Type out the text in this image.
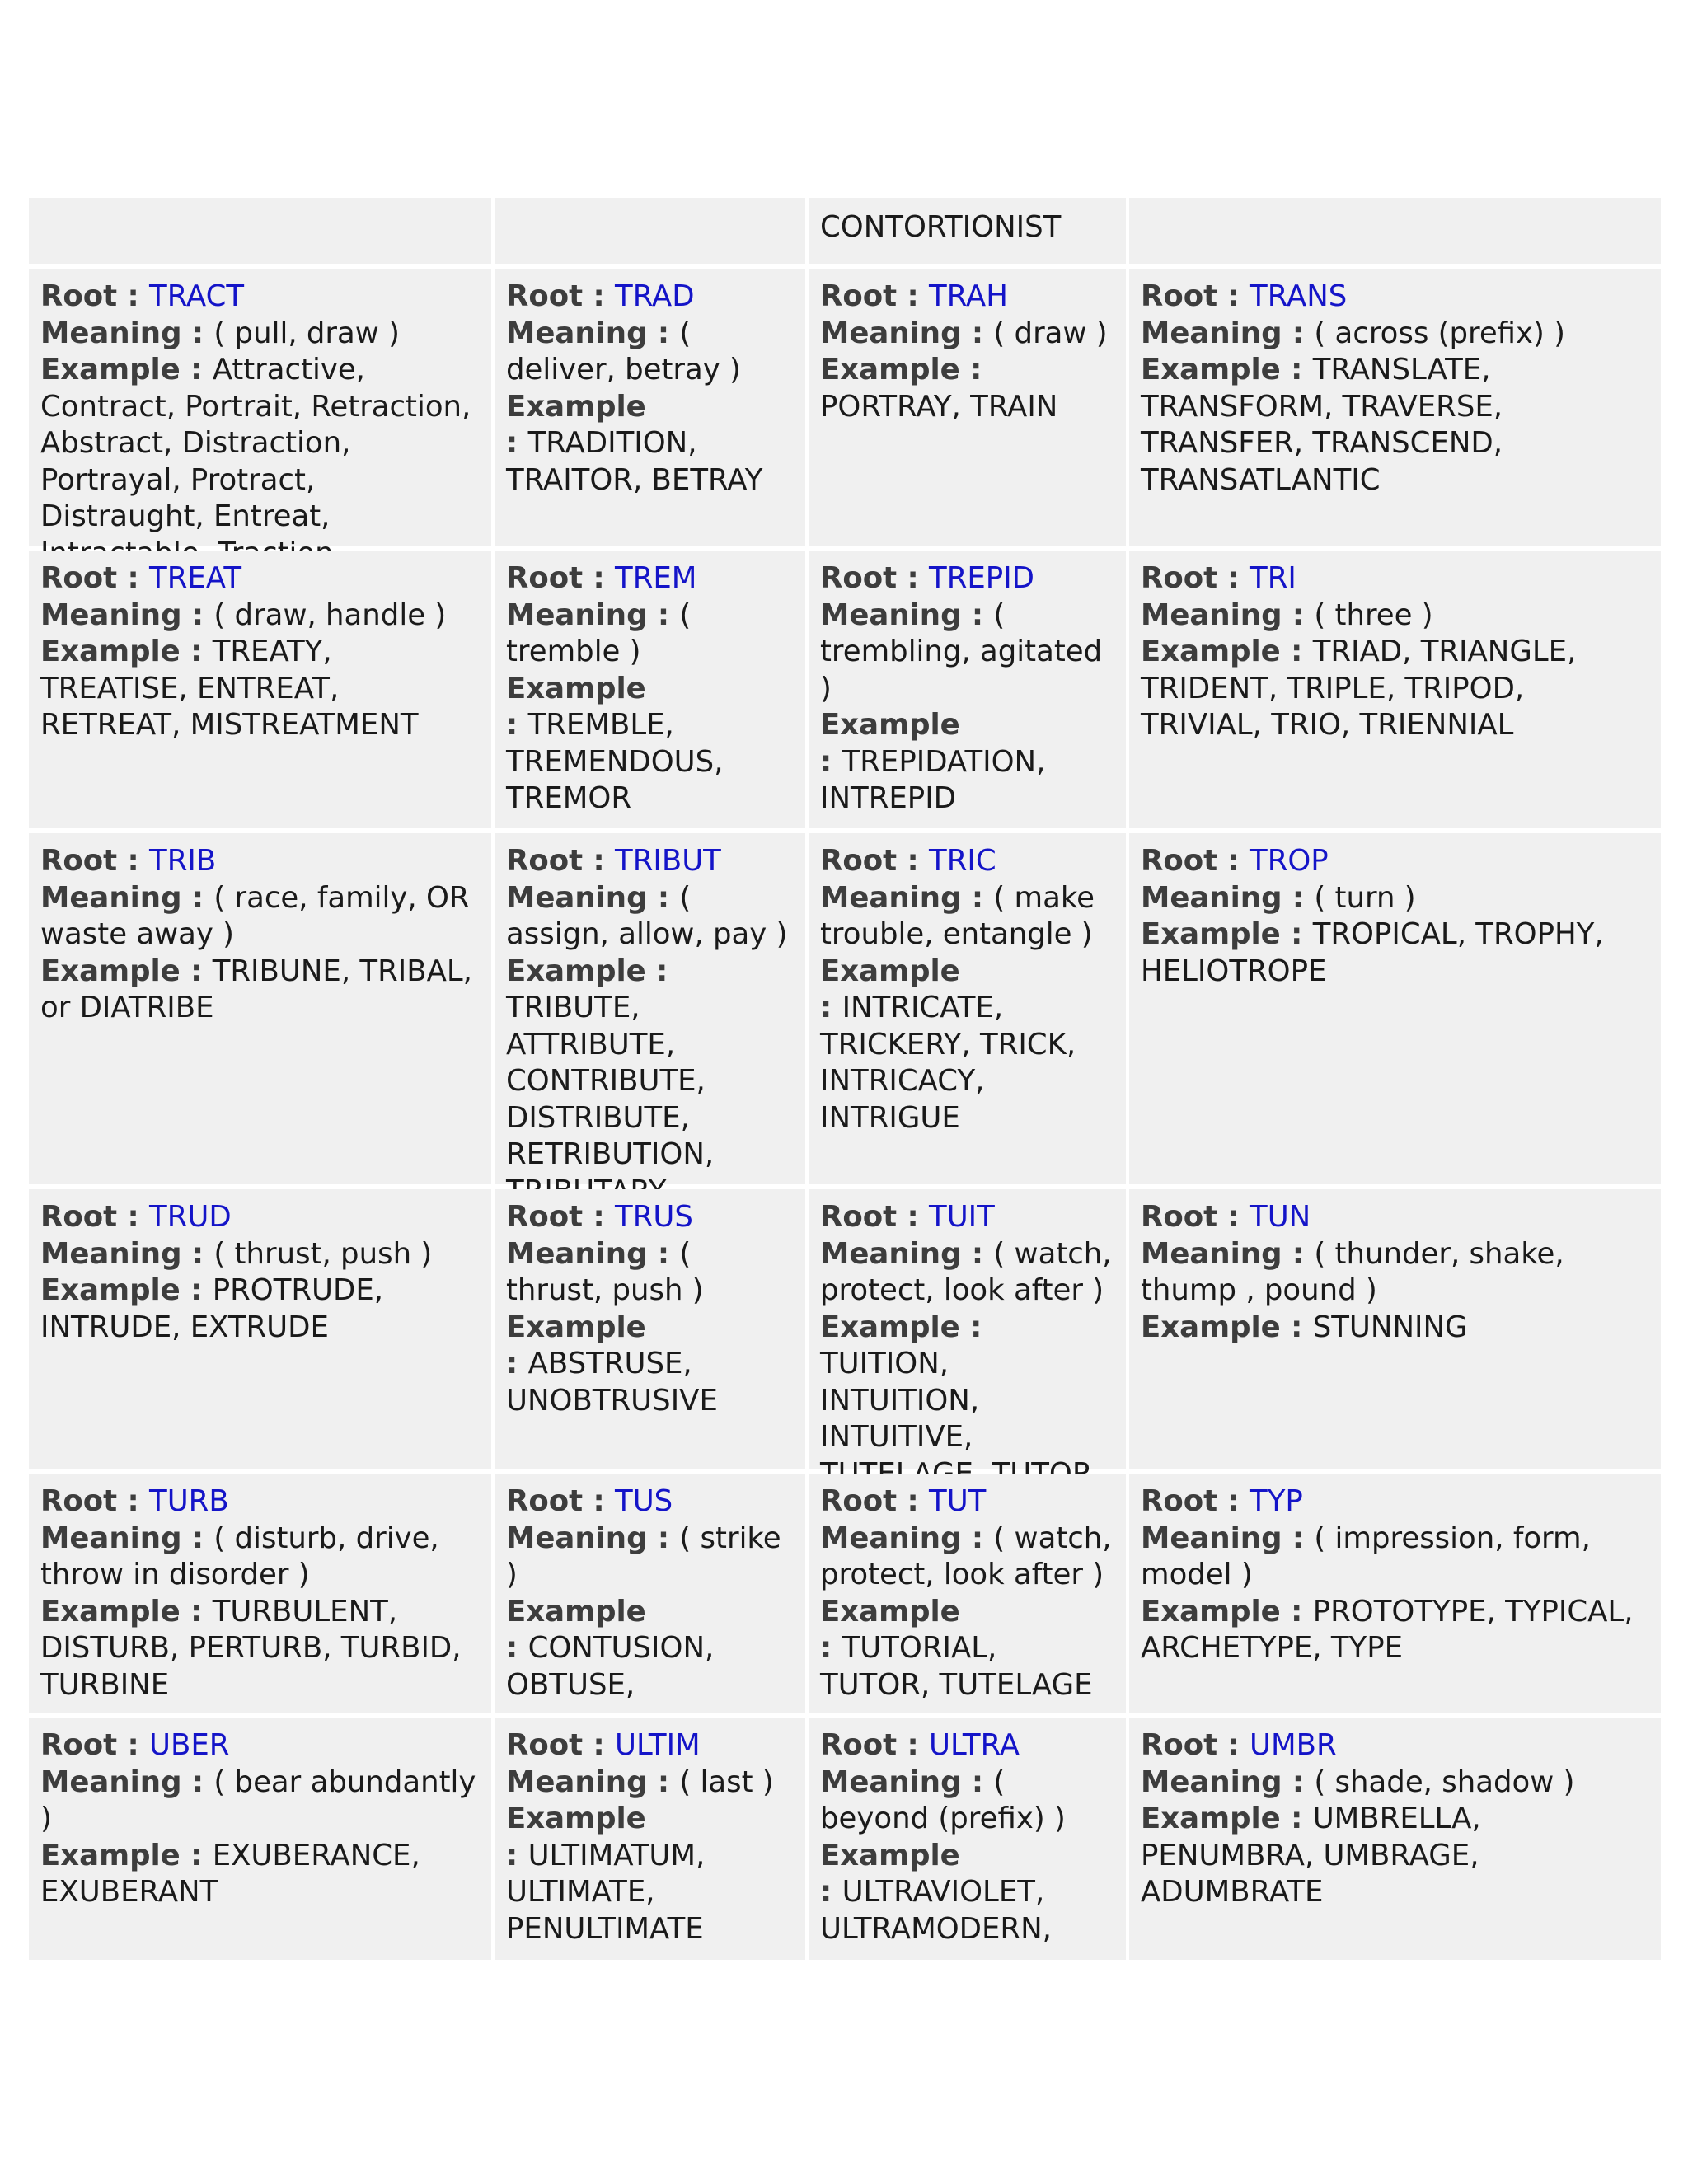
CONTORTIONIST
Root : TRACT
Meaning : ( pull, draw )
Example : Attractive, Contract, Portrait, Retraction, Abstract, Distraction, Portrayal, Protract, Distraught, Entreat,
Root : TRAD
Meaning : ( deliver, betray )
Example
: TRADITION, TRAITOR, BETRAY
Root : TRAH
Meaning : ( draw )
Example : PORTRAY, TRAIN
Root : TRANS
Meaning : ( across (prefix) )
Example : TRANSLATE, TRANSFORM, TRAVERSE, TRANSFER, TRANSCEND, TRANSATLANTIC
Root : TREAT
Meaning : ( draw, handle )
Example : TREATY, TREATISE, ENTREAT, RETREAT, MISTREATMENT
Root : TREM
Meaning : ( tremble )
Example
: TREMBLE, TREMENDOUS, TREMOR
Root : TREPID
Meaning : ( trembling, agitated )
Example
: TREPIDATION, INTREPID
Root : TRI
Meaning : ( three )
Example : TRIAD, TRIANGLE, TRIDENT, TRIPLE, TRIPOD, TRIVIAL, TRIO, TRIENNIAL
Root : TRIB
Meaning : ( race, family, OR waste away )
Example : TRIBUNE, TRIBAL, or DIATRIBE
Root : TRIBUT
Meaning : ( assign, allow, pay )
Example : TRIBUTE, ATTRIBUTE, CONTRIBUTE, DISTRIBUTE, RETRIBUTION,
Root : TRIC
Meaning : ( make trouble, entangle )
Example
: INTRICATE, TRICKERY, TRICK, INTRICACY, INTRIGUE
Root : TROP
Meaning : ( turn )
Example : TROPICAL, TROPHY, HELIOTROPE
Root : TRUD
Meaning : ( thrust, push )
Example : PROTRUDE, INTRUDE, EXTRUDE
Root : TRUS
Meaning : ( thrust, push )
Example
: ABSTRUSE, UNOBTRUSIVE
Root : TUIT
Meaning : ( watch, protect, look after )
Example : TUITION, INTUITION, INTUITIVE,
Root : TUN
Meaning : ( thunder, shake, thump , pound )
Example : STUNNING
Root : TURB
Meaning : ( disturb, drive, throw in disorder )
Example : TURBULENT, DISTURB, PERTURB, TURBID, TURBINE
Root : TUS
Meaning : ( strike )
Example
: CONTUSION, OBTUSE,
Root : TUT
Meaning : ( watch, protect, look after )
Example
: TUTORIAL, TUTOR, TUTELAGE
Root : TYP
Meaning : ( impression, form, model )
Example : PROTOTYPE, TYPICAL, ARCHETYPE, TYPE
Root : UBER
Meaning : ( bear abundantly )
Example : EXUBERANCE, EXUBERANT
Root : ULTIM
Meaning : ( last )
Example
: ULTIMATUM, ULTIMATE, PENULTIMATE
Root : ULTRA
Meaning : ( beyond (prefix) )
Example
: ULTRAVIOLET, ULTRAMODERN,
Root : UMBR
Meaning : ( shade, shadow )
Example : UMBRELLA, PENUMBRA, UMBRAGE, ADUMBRATE
